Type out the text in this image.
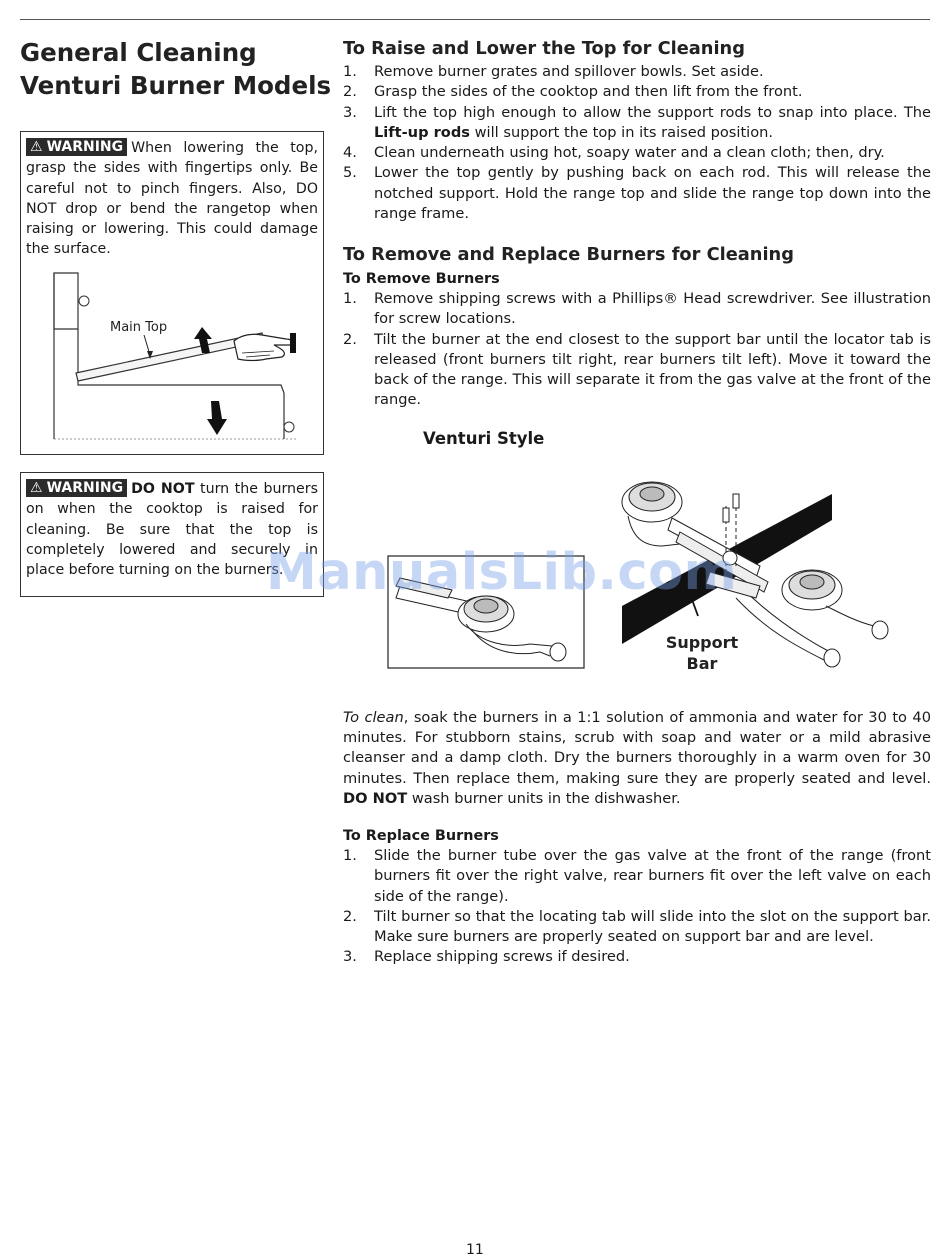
General Cleaning
Venturi Burner Models

⚠ WARNING When lowering the top, grasp the sides with fingertips only. Be careful not to pinch fingers. Also, DO NOT drop or bend the rangetop when raising or lowering. This could damage the surface.

Main Top

⚠ WARNING DO NOT turn the burners on when the cooktop is raised for cleaning. Be sure that the top is completely lowered and securely in place before turning on the burners.

To Raise and Lower the Top for Cleaning
1. Remove burner grates and spillover bowls. Set aside.
2. Grasp the sides of the cooktop and then lift from the front.
3. Lift the top high enough to allow the support rods to snap into place. The Lift-up rods will support the top in its raised position.
4. Clean underneath using hot, soapy water and a clean cloth; then, dry.
5. Lower the top gently by pushing back on each rod. This will release the notched support. Hold the range top and slide the range top down into the range frame.
To Remove and Replace Burners for Cleaning
To Remove Burners
1. Remove shipping screws with a Phillips® Head screwdriver. See illustration for screw locations.
2. Tilt the burner at the end closest to the support bar until the locator tab is released (front burners tilt right, rear burners tilt left). Move it toward the back of the range. This will separate it from the gas valve at the front of the range.
Venturi Style
Support
Bar
ManualsLib.com

To clean, soak the burners in a 1:1 solution of ammonia and water for 30 to 40 minutes. For stubborn stains, scrub with soap and water or a mild abrasive cleanser and a damp cloth. Dry the burners thoroughly in a warm oven for 30 minutes. Then replace them, making sure they are properly seated and level. DO NOT wash burner units in the dishwasher.

To Replace Burners
1. Slide the burner tube over the gas valve at the front of the range (front burners fit over the right valve, rear burners fit over the left valve on each side of the range).
2. Tilt burner so that the locating tab will slide into the slot on the support bar. Make sure burners are properly seated on support bar and are level.
3. Replace shipping screws if desired.
11
